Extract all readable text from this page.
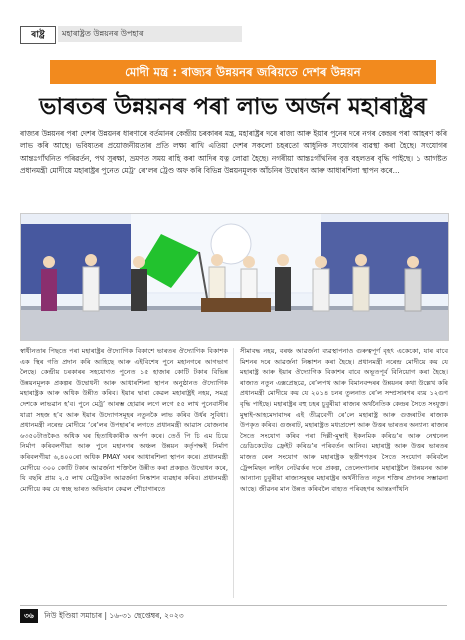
ৰাষ্ট্ৰ	মহাৰাষ্ট্ৰত উন্নয়নৰ উপহাৰ
মোদী মন্ত্ৰ : ৰাজ্যৰ উন্নয়নৰ জৰিয়তে দেশৰ উন্নয়ন
ভাৰতৰ উন্নয়নৰ পৰা লাভ অৰ্জন মহাৰাষ্ট্ৰৰ
ৰাজ্যৰ উন্নয়নৰ পৰা দেশৰ উন্নয়নৰ ধাৰণাৰে বৰ্তমানৰ কেন্দ্ৰীয় চৰকাৰৰ মন্ত্ৰ, মহাৰাষ্ট্ৰৰ দৰে ৰাজ্য আৰু ইয়াৰ পুনেৰ দৰে নগৰ কেন্দ্ৰৰ পৰা আহৰণ কৰি লাভ কৰি আছে। ভবিষ্যতৰ প্ৰয়োজনীয়তাৰ প্ৰতি লক্ষ্য ৰাখি এতিয়া দেশৰ সকলো চহৰতো আধুনিক সংযোগৰ ব্যৱস্থা কৰা হৈছে। সংযোগৰ আন্তঃগাঁথনিত পৰিৱৰ্তন, পথ সুৰক্ষা, ভ্ৰমণত সময় ৰাহি কৰা আদিৰ যত্ন লোৱা হৈছে। নগৰীয়া আন্তঃগাঁথনিৰ বৃত্ত বহলতৰ বৃদ্ধি পাইছে। ১ আগষ্টত প্ৰধানমন্ত্ৰী মোদীয়ে মহাৰাষ্ট্ৰৰ পুনেত মেট্ৰ’ ৰে’লৰ ট্ৰেণ্ড অফ কৰি বিভিন্ন উন্নয়নমূলক আঁচনিৰ উদ্বোধন আৰু আধাৰশিলা স্থাপন কৰে...

স্বাধীনতাৰ পিছতে পৰা মহাৰাষ্ট্ৰৰ ঔদ্যোগিক বিকাশে ভাৰতৰ ঔদ্যোগিক বিকাশক এক স্থিৰ গতি প্ৰদান কৰি আহিছে আৰু এইবিশেষ পুনে মহানগৰে আগভাগ লৈছে। কেন্দ্ৰীয় চৰকাৰৰ সহযোগত পুনেত ১৫ হাজাৰ কোটি টকাৰ বিভিন্ন উন্নয়নমূলক প্ৰকল্পৰ উদ্বোধনী আৰু আধাৰশিলা স্থাপন অনুষ্ঠানত ঔদ্যোগিক মহাৰাষ্ট্ৰক আৰু অধিক উন্নীত কৰিব। ইয়াৰ দ্বাৰা কেৱল মহাৰাষ্ট্ৰই নহয়, সমগ্ৰ দেশকে লাভৱান হ’ব। পুনে মেট্ৰ’ আৰম্ভ হোৱাৰ লগে লগে ৫৫ লাখ পুনেবাসীৰ যাত্ৰা সহজ হ’ব আৰু ইয়াৰ উদ্যোগসমূহৰ নতুনকৈ লাভ কৰিব উৰ্ধৰ সুবিধা। প্ৰধানমন্ত্ৰী নৰেন্দ্ৰ মোদীয়ে ‘ৰে’লৰ উপহাৰ’ৰ লগতে প্ৰধানমন্ত্ৰী আৱাস যোজনাৰ ৬৩৫০টাতকৈও অধিক ঘৰ হিতাধিকাৰীক অৰ্পণ কৰে। তেওঁ পি চি এম চিয়ে নিৰ্মাণ কৰিবলগীয়া আৰু পুনে মহানগৰ অঞ্চল উন্নয়ন কৰ্তৃপক্ষই নিৰ্মাণ কৰিবলগীয়া ৬,৪০০ৰো অধিক PMAY ঘৰৰ আধাৰশিলা স্থাপন কৰে। প্ৰধানমন্ত্ৰী মোদীয়ে ৩০০ কোটি টকাৰ আৱৰ্জনা শক্তিলৈ উন্নীত কৰা প্ৰকল্পও উদ্বোধন কৰে, যি বছৰি প্ৰায় ২.৫ লাখ মেট্ৰিকটন আৱৰ্জনা নিষ্কাশন ব্যৱহাৰ কৰিব। প্ৰধানমন্ত্ৰী মোদীয়ে কয় যে স্বচ্ছ ভাৰত অভিযান কেৱল শৌচাগাৰতে

সীমাবদ্ধ নহয়, বৰঞ্চ আৱৰ্জনা ব্যৱস্থাপনাও গুৰুত্বপূৰ্ণ বৃহৎ একেকো, যাৰ বাবে মিশনৰ দৰে আৱৰ্জনা নিষ্কাশন কৰা হৈছে। প্ৰধানমন্ত্ৰী নৰেন্দ্ৰ মোদীয়ে কয় যে মহাৰাষ্ট্ৰ আৰু ইয়াৰ ঔদ্যোগিক বিকাশৰ বাবে অভূতপূৰ্ব বিনিয়োগ কৰা হৈছে। ৰাজ্যত নতুন এক্সপ্ৰেছৱে, ৰে’লপথ আৰু বিমানবন্দৰৰ উন্নয়নৰ কথা উল্লেখ কৰি প্ৰধানমন্ত্ৰী মোদীয়ে কয় যে ২০১৪ চনৰ তুলনাত ৰে’ল সম্প্ৰসাৰণৰ ব্যয় ১২গুণ বৃদ্ধি পাইছে। মহাৰাষ্ট্ৰৰ বহু চহৰ চুবুৰীয়া ৰাজ্যৰ অৰ্থনৈতিক কেন্দ্ৰৰ সৈতে সংযুক্ত। মুম্বাই-আহমেদাবাদৰ এই তীব্ৰবেগী ৰে’লে মহাৰাষ্ট্ৰ আৰু গুজৰাটৰ ৰাজ্যক উপকৃত কৰিব। গুজৰাট, মহাৰাষ্ট্ৰত মধ্যপ্ৰদেশ আৰু উত্তৰ ভাৰতৰ অন্যান্য ৰাজ্যৰ সৈতে সংযোগ কৰিব পৰা দিল্লী-মুম্বাই ইকনমিক কৰিড’ৰ আৰু নেশ্বনেল ডেডিকেটেড ফ্ৰেইট কৰিড’ৰ পৰিবৰ্তন আনিব। মহাৰাষ্ট্ৰ আৰু উত্তৰ ভাৰতৰ মাজত ৰেল সংযোগ আৰু মহাৰাষ্ট্ৰক ছত্তীশগড়ৰ সৈতে সংযোগ কৰিবলৈ ট্ৰেন্সমিছন লাইন নেটৱৰ্কৰ দৰে প্ৰকল্প, তেলেংগানাৰ মহাৰাষ্ট্ৰলৈ উন্নয়নৰ আৰু আন্যান্য চুবুৰীয়া ৰাজ্যসমূহৰ মহাৰাষ্ট্ৰৰ অৰ্থনীতিত নতুন শক্তিৰ প্ৰদানৰ সম্ভাৱনা আছে। জীৱনৰ মান উন্নত কৰিবলৈ বাহ্যত পৰিবহণৰ আন্তঃগাঁথনি

৩৬ নিউ ইণ্ডিয়া সমাচাৰ | ১৬-৩১ ছেপ্তেম্বৰ, ২০২৩
